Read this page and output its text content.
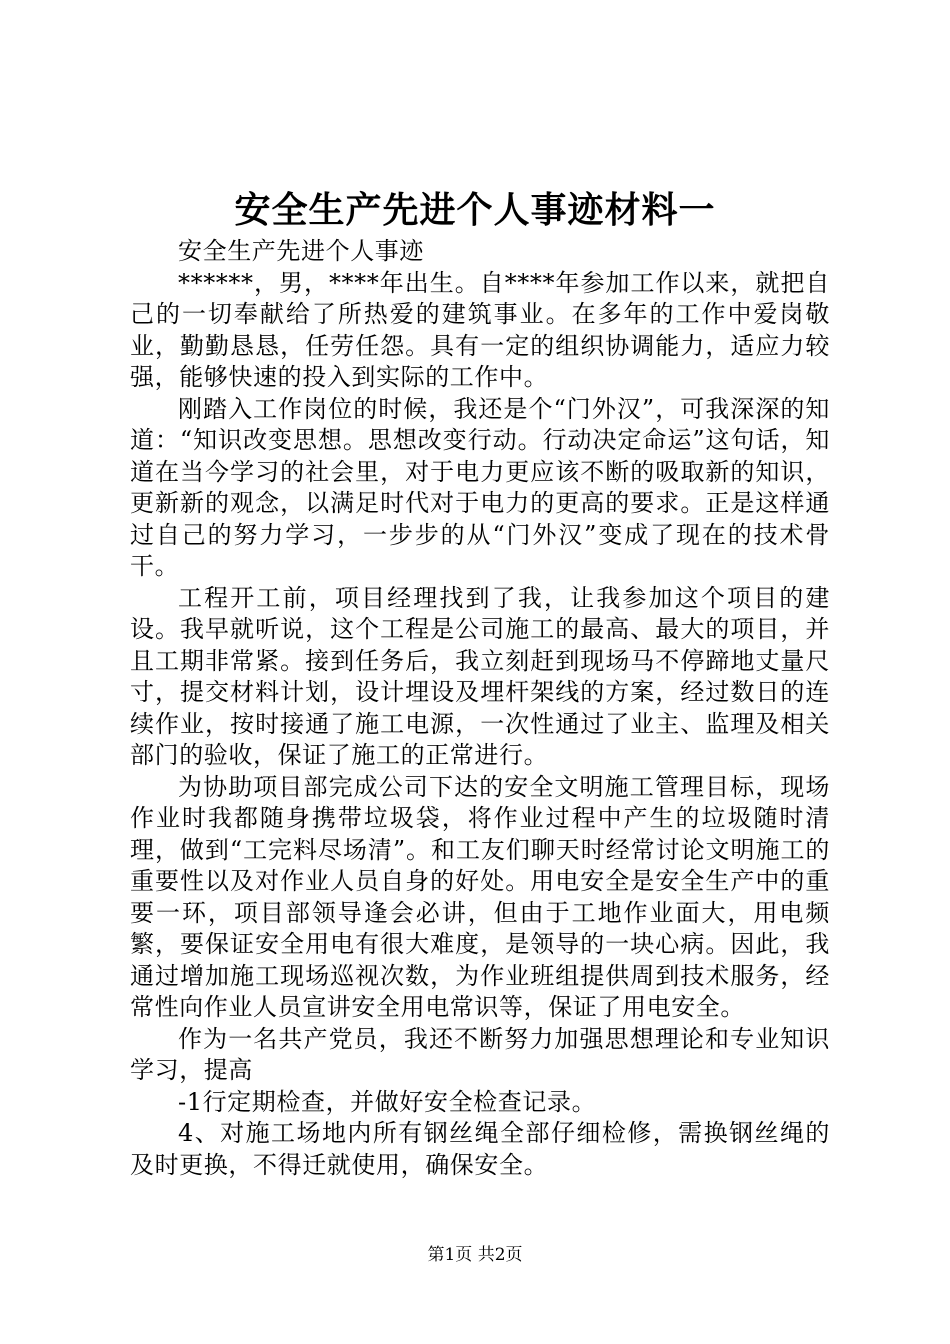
安全生产先进个人事迹材料一

安全生产先进个人事迹

******，男，****年出生。自****年参加工作以来，就把自己的一切奉献给了所热爱的建筑事业。在多年的工作中爱岗敬业，勤勤恳恳，任劳任怨。具有一定的组织协调能力，适应力较强，能够快速的投入到实际的工作中。

刚踏入工作岗位的时候，我还是个“门外汉”，可我深深的知道：“知识改变思想。思想改变行动。行动决定命运”这句话，知道在当今学习的社会里，对于电力更应该不断的吸取新的知识，更新新的观念，以满足时代对于电力的更高的要求。正是这样通过自己的努力学习，一步步的从“门外汉”变成了现在的技术骨干。

工程开工前，项目经理找到了我，让我参加这个项目的建设。我早就听说，这个工程是公司施工的最高、最大的项目，并且工期非常紧。接到任务后，我立刻赶到现场马不停蹄地丈量尺寸，提交材料计划，设计埋设及埋杆架线的方案，经过数日的连续作业，按时接通了施工电源，一次性通过了业主、监理及相关部门的验收，保证了施工的正常进行。

为协助项目部完成公司下达的安全文明施工管理目标，现场作业时我都随身携带垃圾袋，将作业过程中产生的垃圾随时清理，做到“工完料尽场清”。和工友们聊天时经常讨论文明施工的重要性以及对作业人员自身的好处。用电安全是安全生产中的重要一环，项目部领导逢会必讲，但由于工地作业面大，用电频繁，要保证安全用电有很大难度，是领导的一块心病。因此，我通过增加施工现场巡视次数，为作业班组提供周到技术服务，经常性向作业人员宣讲安全用电常识等，保证了用电安全。

作为一名共产党员，我还不断努力加强思想理论和专业知识学习，提高

-1行定期检查，并做好安全检查记录。

4、对施工场地内所有钢丝绳全部仔细检修，需换钢丝绳的及时更换，不得迁就使用，确保安全。

第1页 共2页
